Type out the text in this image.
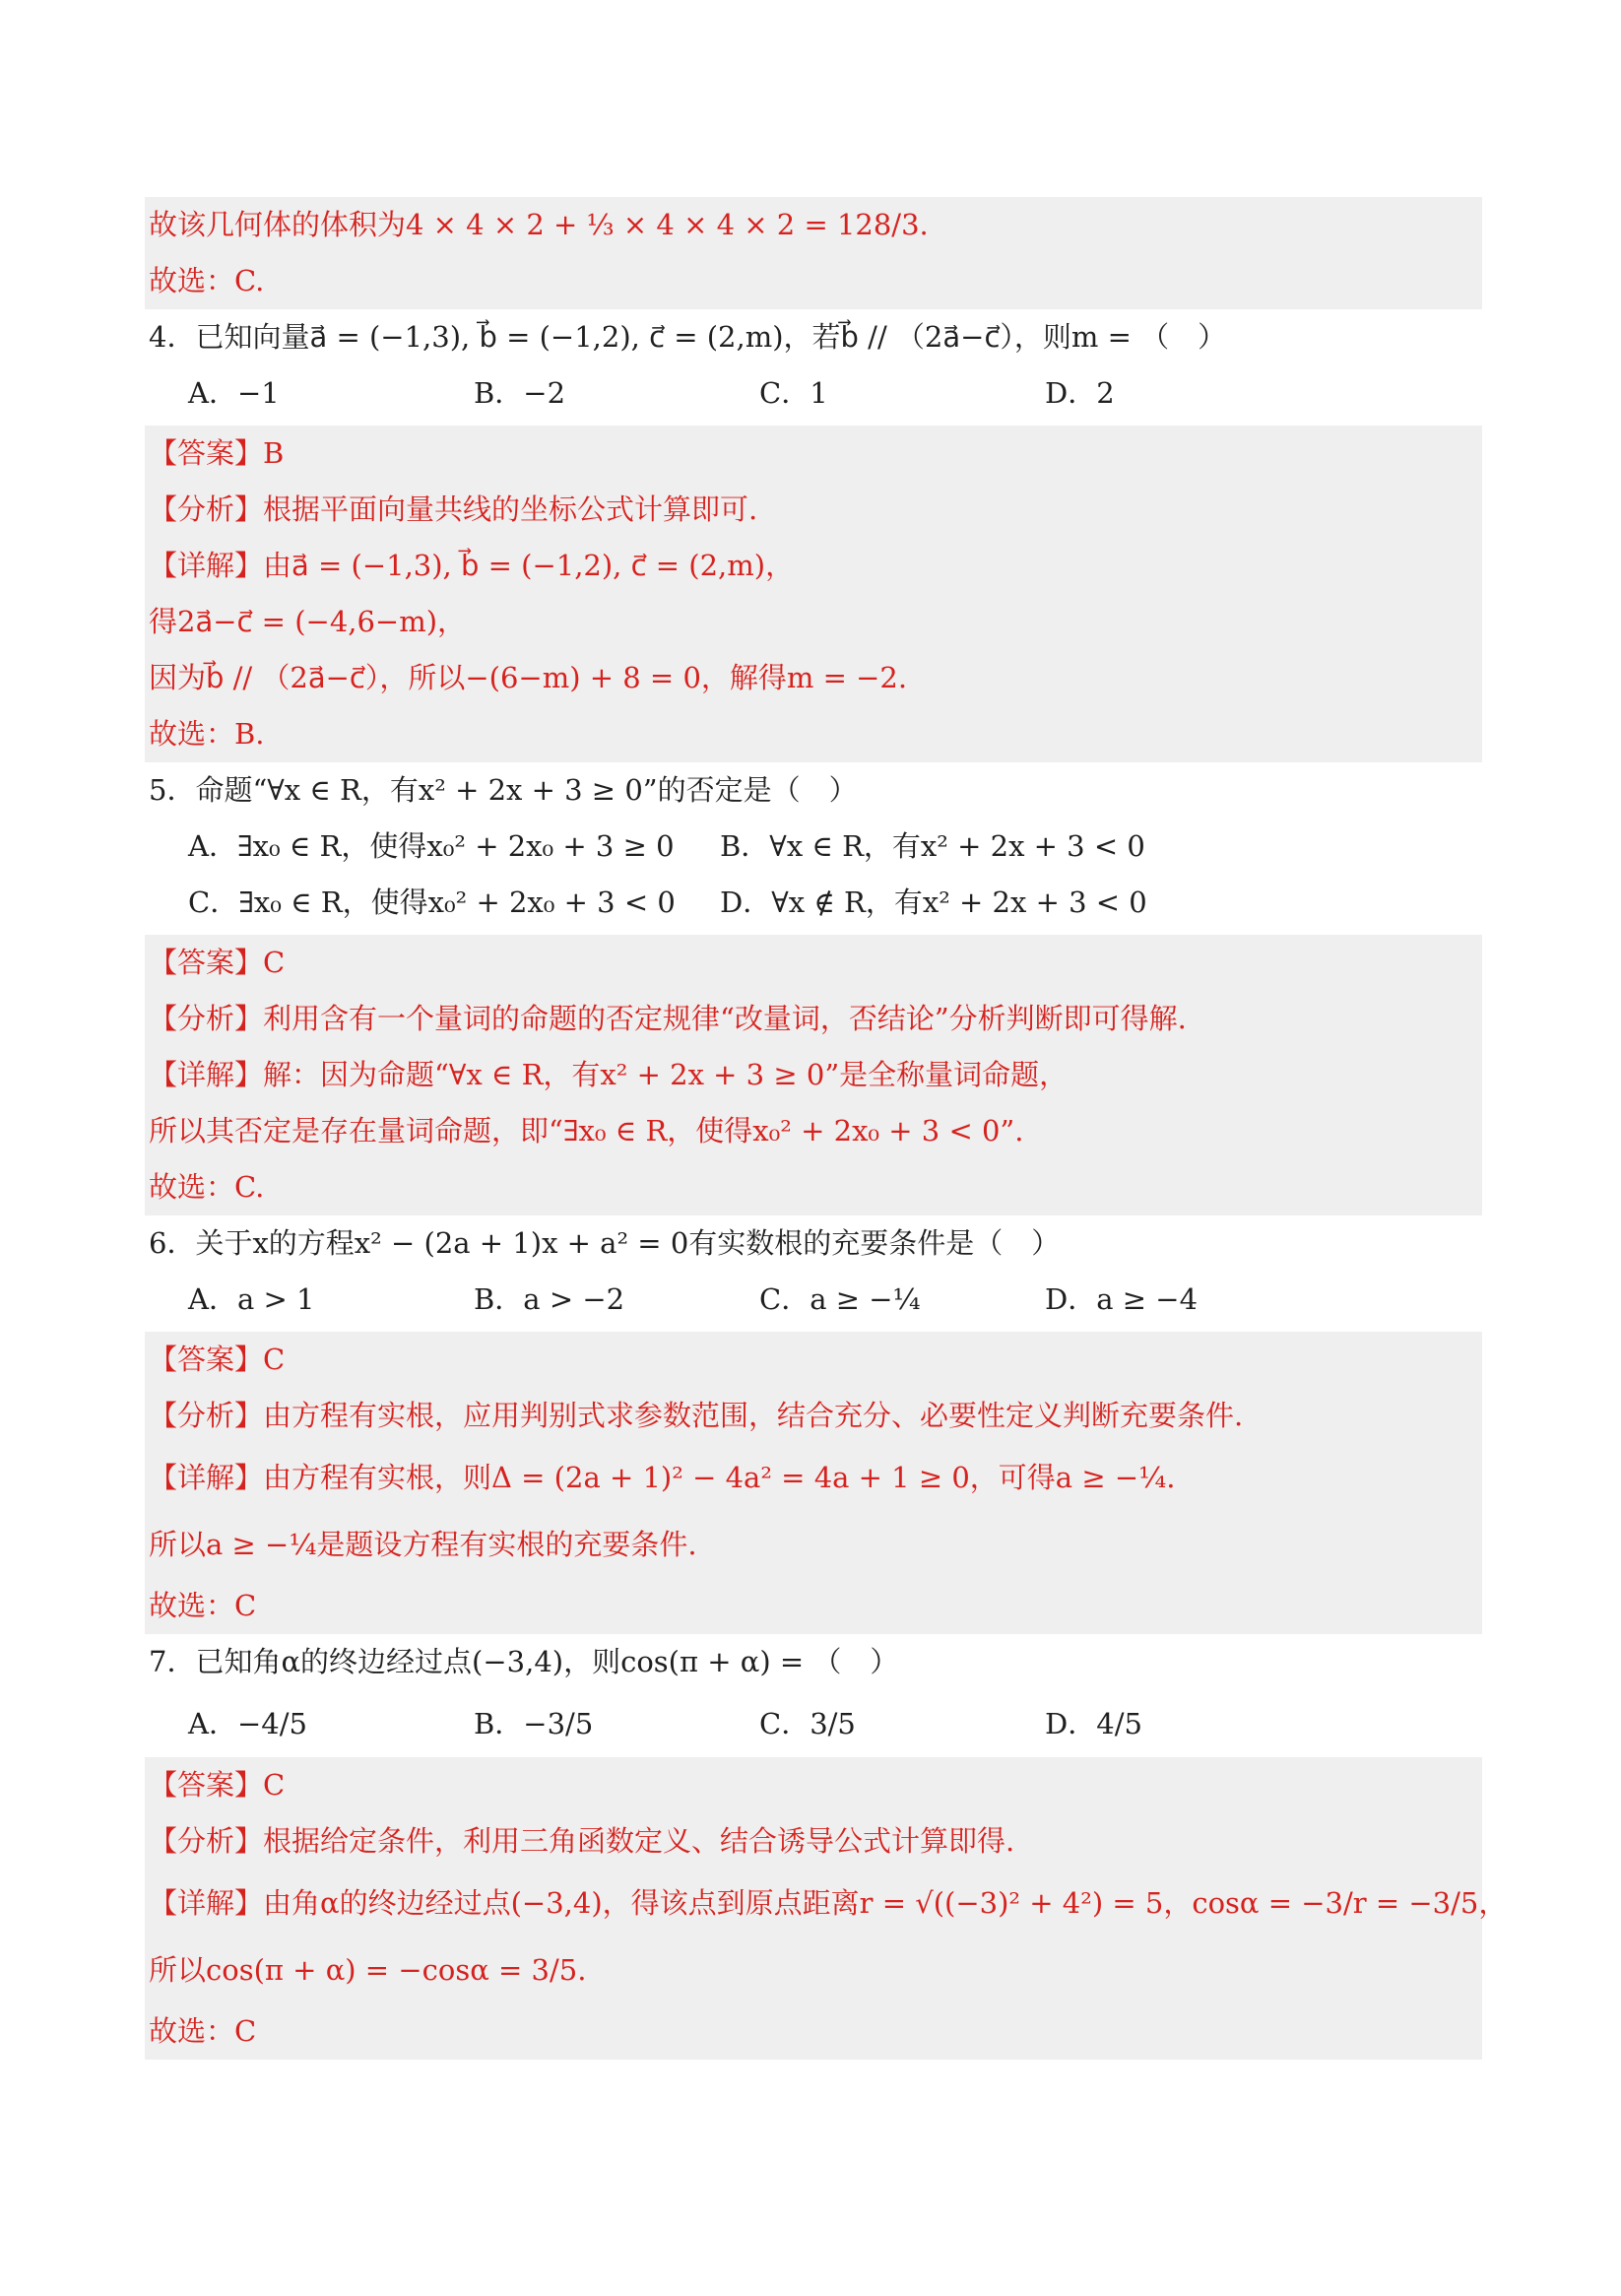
故该几何体的体积为4 × 4 × 2 + ⅓ × 4 × 4 × 2 = 128/3.
故选：C.
4．已知向量a⃗ = (−1,3), b⃗ = (−1,2), c⃗ = (2,m)，若b⃗ // （2a⃗−c⃗），则m = （　）
A．−1	B．−2	C．1	D．2
【答案】B
【分析】根据平面向量共线的坐标公式计算即可.
【详解】由a⃗ = (−1,3), b⃗ = (−1,2), c⃗ = (2,m)，
得2a⃗−c⃗ = (−4,6−m)，
因为b⃗ // （2a⃗−c⃗），所以−(6−m) + 8 = 0，解得m = −2.
故选：B.
5．命题“∀x ∈ R，有x² + 2x + 3 ≥ 0”的否定是（　）
A．∃x₀ ∈ R，使得x₀² + 2x₀ + 3 ≥ 0	B．∀x ∈ R，有x² + 2x + 3 < 0
C．∃x₀ ∈ R，使得x₀² + 2x₀ + 3 < 0	D．∀x ∉ R，有x² + 2x + 3 < 0
【答案】C
【分析】利用含有一个量词的命题的否定规律“改量词，否结论”分析判断即可得解.
【详解】解：因为命题“∀x ∈ R，有x² + 2x + 3 ≥ 0”是全称量词命题，
所以其否定是存在量词命题，即“∃x₀ ∈ R，使得x₀² + 2x₀ + 3 < 0”.
故选：C.
6．关于x的方程x² − (2a + 1)x + a² = 0有实数根的充要条件是（　）
A．a > 1	B．a > −2	C．a ≥ −¼	D．a ≥ −4
【答案】C
【分析】由方程有实根，应用判别式求参数范围，结合充分、必要性定义判断充要条件.
【详解】由方程有实根，则Δ = (2a + 1)² − 4a² = 4a + 1 ≥ 0，可得a ≥ −¼.
所以a ≥ −¼是题设方程有实根的充要条件.
故选：C
7．已知角α的终边经过点(−3,4)，则cos(π + α) = （　）
A．−4/5	B．−3/5	C．3/5	D．4/5
【答案】C
【分析】根据给定条件，利用三角函数定义、结合诱导公式计算即得.
【详解】由角α的终边经过点(−3,4)，得该点到原点距离r = √((−3)² + 4²) = 5，cosα = −3/r = −3/5，
所以cos(π + α) = −cosα = 3/5.
故选：C
